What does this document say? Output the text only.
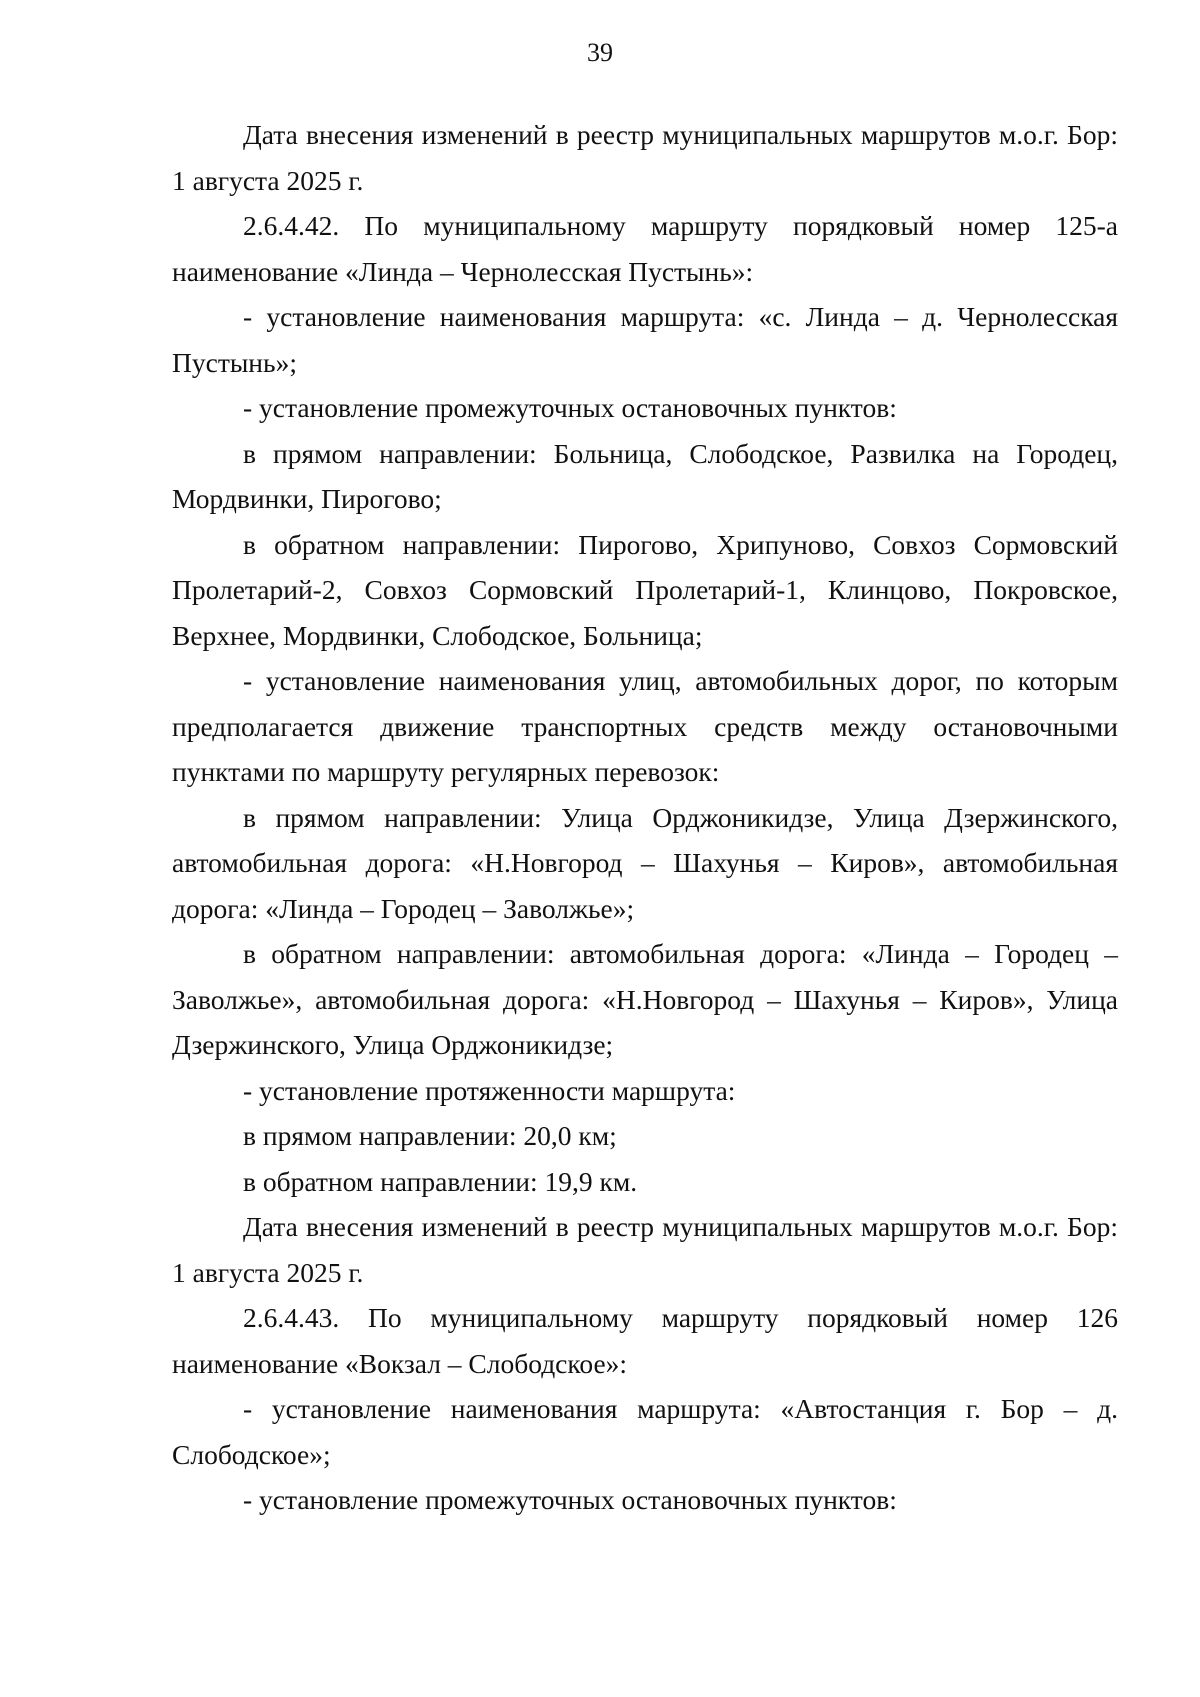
39

Дата внесения изменений в реестр муниципальных маршрутов м.о.г. Бор: 1 августа 2025 г.

2.6.4.42. По муниципальному маршруту порядковый номер 125-а наименование «Линда – Чернолесская Пустынь»:

- установление наименования маршрута: «с. Линда – д. Чернолесская Пустынь»;

- установление промежуточных остановочных пунктов:

в прямом направлении: Больница, Слободское, Развилка на Городец, Мордвинки, Пирогово;

в обратном направлении: Пирогово, Хрипуново, Совхоз Сормовский Пролетарий-2, Совхоз Сормовский Пролетарий-1, Клинцово, Покровское, Верхнее, Мордвинки, Слободское, Больница;

- установление наименования улиц, автомобильных дорог, по которым предполагается движение транспортных средств между остановочными пунктами по маршруту регулярных перевозок:

в прямом направлении: Улица Орджоникидзе, Улица Дзержинского, автомобильная дорога: «Н.Новгород – Шахунья – Киров», автомобильная дорога: «Линда – Городец – Заволжье»;

в обратном направлении: автомобильная дорога: «Линда – Городец – Заволжье», автомобильная дорога: «Н.Новгород – Шахунья – Киров», Улица Дзержинского, Улица Орджоникидзе;

- установление протяженности маршрута:

в прямом направлении: 20,0 км;

в обратном направлении: 19,9 км.

Дата внесения изменений в реестр муниципальных маршрутов м.о.г. Бор: 1 августа 2025 г.

2.6.4.43. По муниципальному маршруту порядковый номер 126 наименование «Вокзал – Слободское»:

- установление наименования маршрута: «Автостанция г. Бор – д. Слободское»;

- установление промежуточных остановочных пунктов:
